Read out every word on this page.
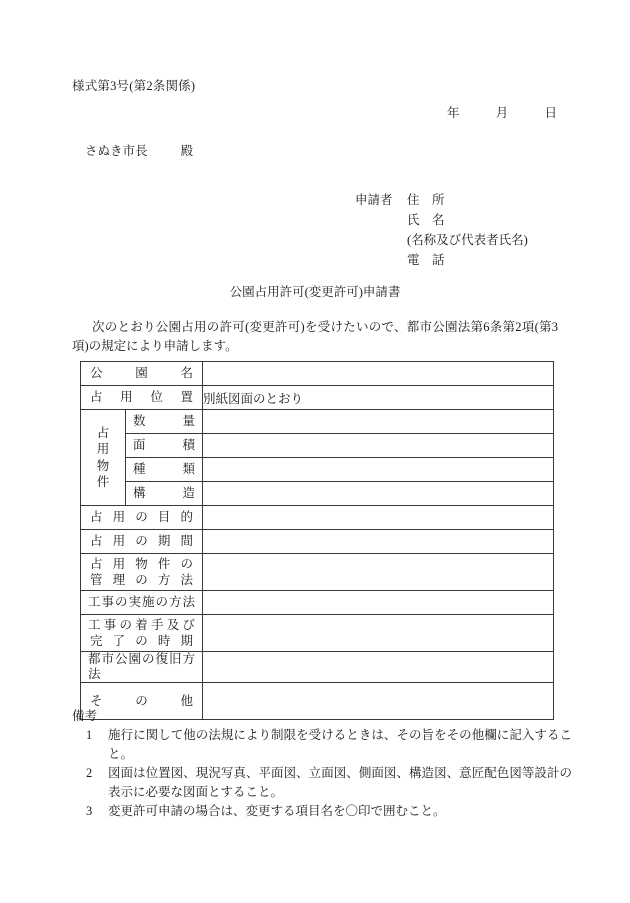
様式第3号(第2条関係)
年	月	日
さぬき市長	殿
申請者 住　所
氏　名
(名称及び代表者氏名)
電　話
公園占用許可(変更許可)申請書
次のとおり公園占用の許可(変更許可)を受けたいので、都市公園法第6条第2項(第3項)の規定により申請します。
公園名		

占用位置		別紙図面のとおり

占
用
物
件	数量	

	面積	

	種類	

	構造	

占用の目的		

占用の期間		

占用物件の
管理の方法		

工事の実施の方法		

工事の着手及び
完了の時期		

都市公園の復旧方法		

その他		

備考
1	施行に関して他の法規により制限を受けるときは、その旨をその他欄に記入すること。
2	図面は位置図、現況写真、平面図、立面図、側面図、構造図、意匠配色図等設計の表示に必要な図面とすること。
3	変更許可申請の場合は、変更する項目名を〇印で囲むこと。
